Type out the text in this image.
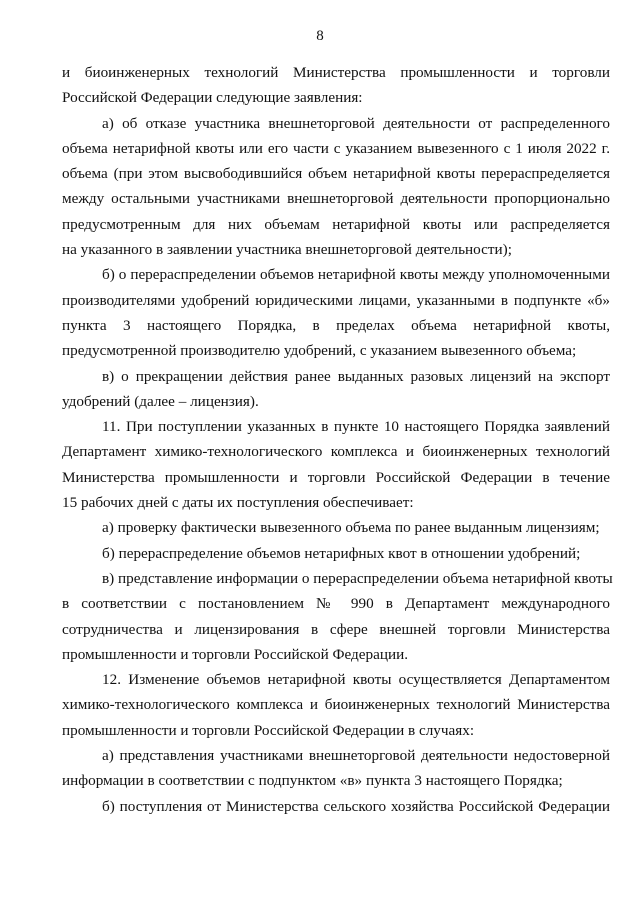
8
и биоинженерных технологий Министерства промышленности и торговли
Российской Федерации следующие заявления:
а) об отказе участника внешнеторговой деятельности от распределенного
объема нетарифной квоты или его части с указанием вывезенного с 1 июля 2022 г.
объема (при этом высвободившийся объем нетарифной квоты перераспределяется
между остальными участниками внешнеторговой деятельности пропорционально
предусмотренным для них объемам нетарифной квоты или распределяется
на указанного в заявлении участника внешнеторговой деятельности);
б) о перераспределении объемов нетарифной квоты между уполномоченными
производителями удобрений юридическими лицами, указанными в подпункте «б»
пункта 3 настоящего Порядка, в пределах объема нетарифной квоты,
предусмотренной производителю удобрений, с указанием вывезенного объема;
в) о прекращении действия ранее выданных разовых лицензий на экспорт
удобрений (далее – лицензия).
11. При поступлении указанных в пункте 10 настоящего Порядка заявлений
Департамент химико-технологического комплекса и биоинженерных технологий
Министерства промышленности и торговли Российской Федерации в течение
15 рабочих дней с даты их поступления обеспечивает:
а) проверку фактически вывезенного объема по ранее выданным лицензиям;
б) перераспределение объемов нетарифных квот в отношении удобрений;
в) представление информации о перераспределении объема нетарифной квоты
в соответствии с постановлением № 990 в Департамент международного
сотрудничества и лицензирования в сфере внешней торговли Министерства
промышленности и торговли Российской Федерации.
12. Изменение объемов нетарифной квоты осуществляется Департаментом
химико-технологического комплекса и биоинженерных технологий Министерства
промышленности и торговли Российской Федерации в случаях:
а) представления участниками внешнеторговой деятельности недостоверной
информации в соответствии с подпунктом «в» пункта 3 настоящего Порядка;
б) поступления от Министерства сельского хозяйства Российской Федерации
